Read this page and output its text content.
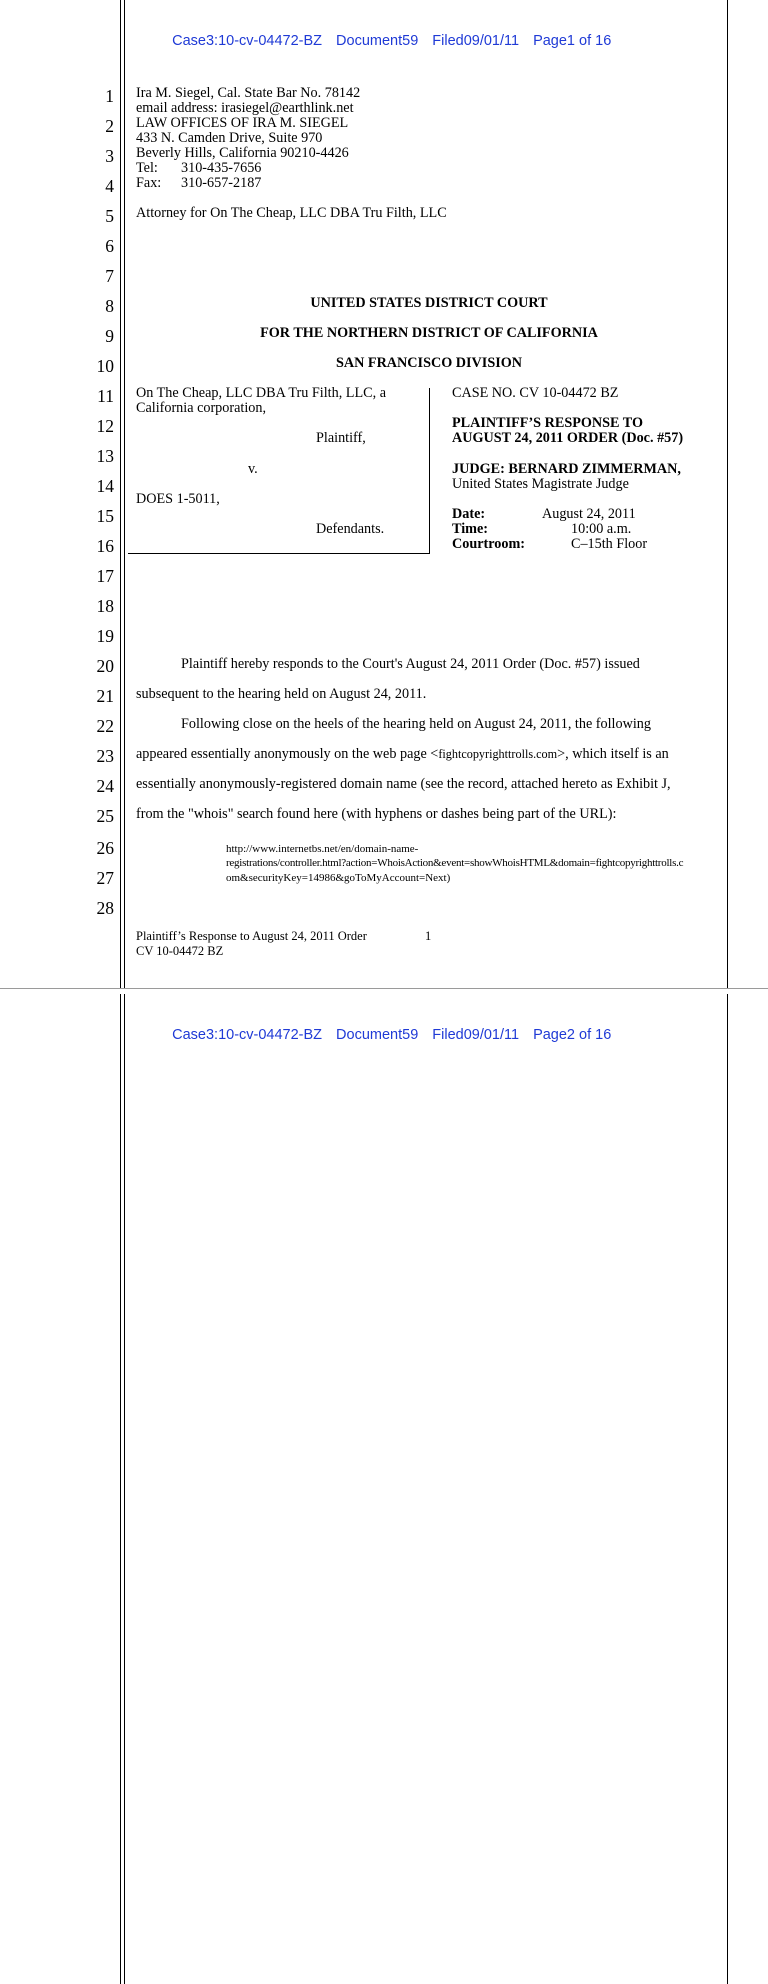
Case3:10-cv-04472-BZ Document59 Filed09/01/11 Page1 of 16

1
2
3
4
5
6
7
8
9
10
11
12
13
14
15
16
17
18
19
20
21
22
23
24
25
26
27
28
Ira M. Siegel, Cal. State Bar No. 78142
email address: irasiegel@earthlink.net
LAW OFFICES OF IRA M. SIEGEL
433 N. Camden Drive, Suite 970
Beverly Hills, California 90210-4426
Tel: 310-435-7656
Fax: 310-657-2187
Attorney for On The Cheap, LLC DBA Tru Filth, LLC
UNITED STATES DISTRICT COURT
FOR THE NORTHERN DISTRICT OF CALIFORNIA
SAN FRANCISCO DIVISION
On The Cheap, LLC DBA Tru Filth, LLC, a
California corporation,
Plaintiff,
v.
DOES 1-5011,
Defendants.
CASE NO. CV 10-04472 BZ
PLAINTIFF’S RESPONSE TO
AUGUST 24, 2011 ORDER (Doc. #57)
JUDGE: BERNARD ZIMMERMAN,
United States Magistrate Judge
Date:	August 24, 2011
Time:	10:00 a.m.
Courtroom:	C–15th Floor
Plaintiff hereby responds to the Court's August 24, 2011 Order (Doc. #57) issued
subsequent to the hearing held on August 24, 2011.
Following close on the heels of the hearing held on August 24, 2011, the following
appeared essentially anonymously on the web page <fightcopyrighttrolls.com>, which itself is an
essentially anonymously-registered domain name (see the record, attached hereto as Exhibit J,
from the "whois" search found here (with hyphens or dashes being part of the URL):
http://www.internetbs.net/en/domain-name-
registrations/controller.html?action=WhoisAction&event=showWhoisHTML&domain=fightcopyrighttrolls.c
om&securityKey=14986&goToMyAccount=Next)
Plaintiff’s Response to August 24, 2011 Order	1
CV 10-04472 BZ

Case3:10-cv-04472-BZ Document59 Filed09/01/11 Page2 of 16
